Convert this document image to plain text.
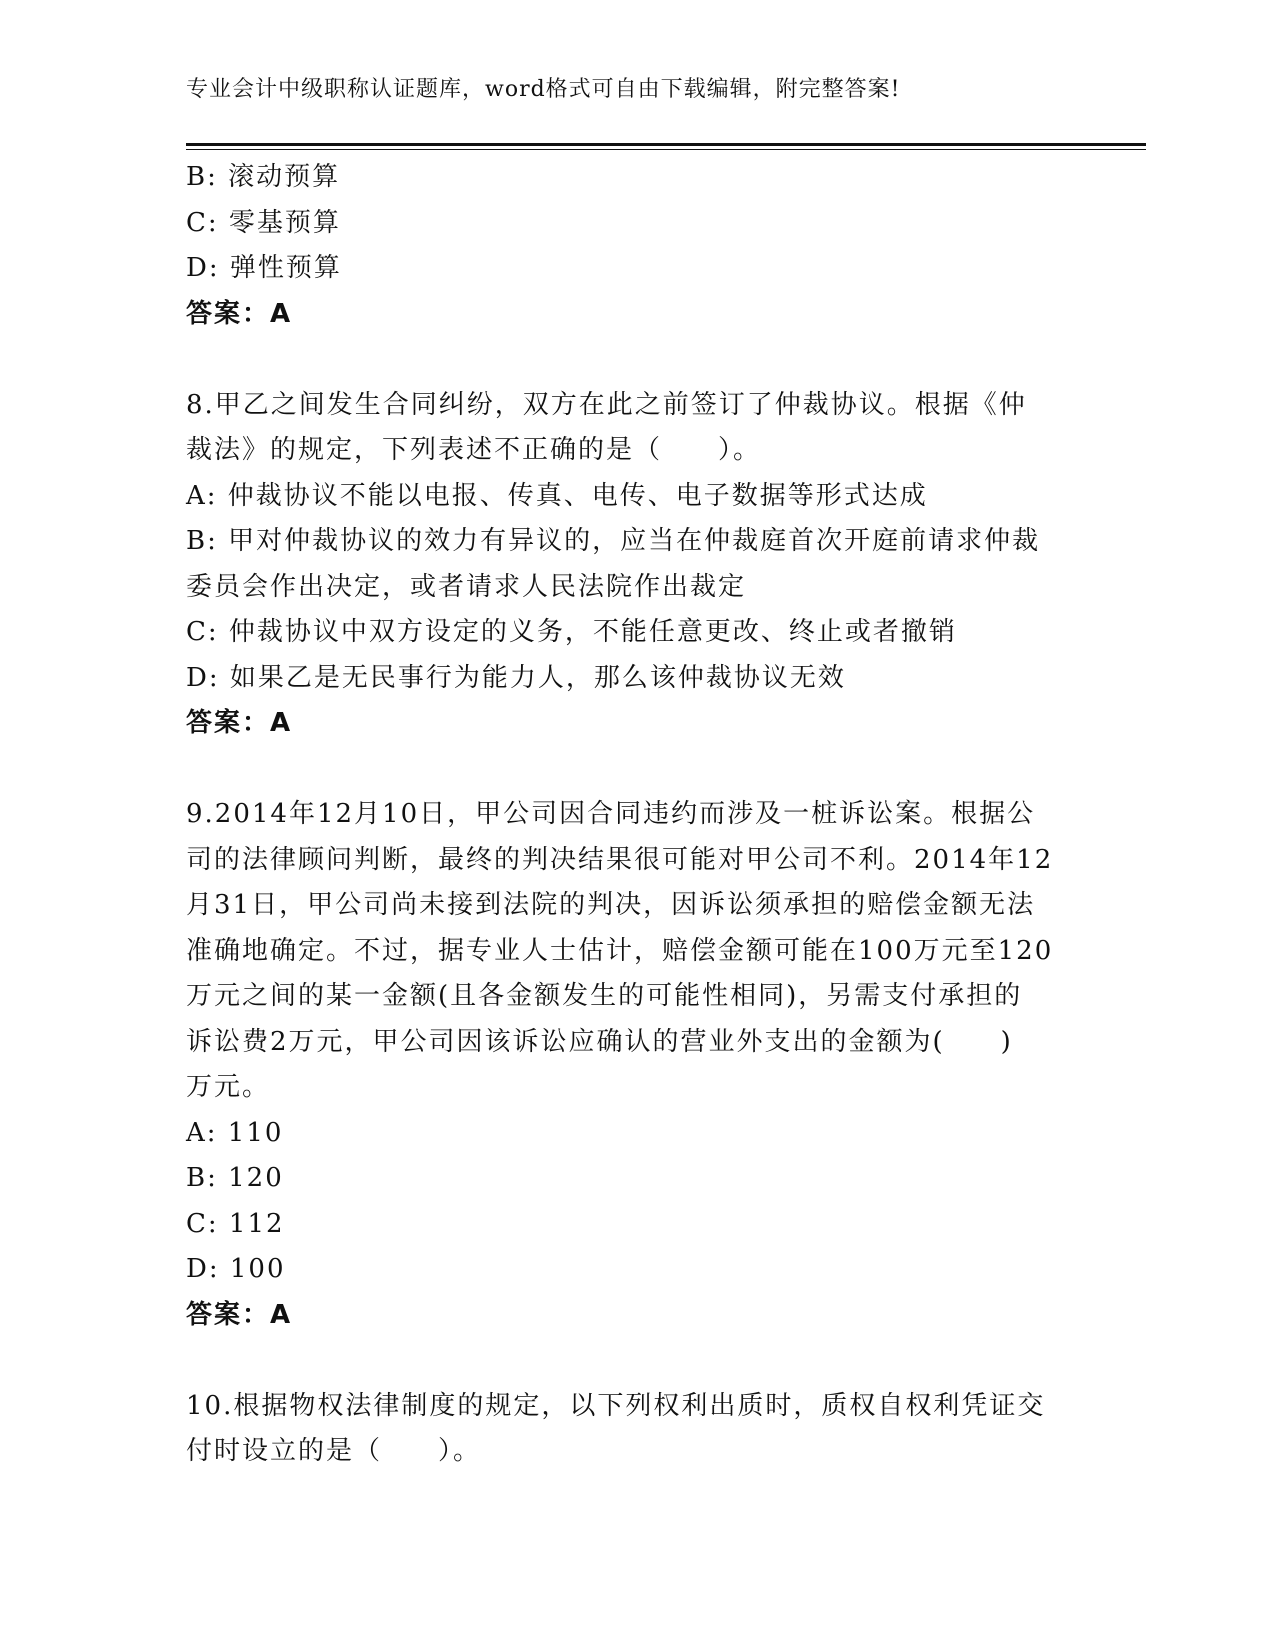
专业会计中级职称认证题库，word格式可自由下载编辑，附完整答案!
B: 滚动预算
C: 零基预算
D: 弹性预算
答案：A
8.甲乙之间发生合同纠纷，双方在此之前签订了仲裁协议。根据《仲
裁法》的规定，下列表述不正确的是（　　）。
A: 仲裁协议不能以电报、传真、电传、电子数据等形式达成
B: 甲对仲裁协议的效力有异议的，应当在仲裁庭首次开庭前请求仲裁
委员会作出决定，或者请求人民法院作出裁定
C: 仲裁协议中双方设定的义务，不能任意更改、终止或者撤销
D: 如果乙是无民事行为能力人，那么该仲裁协议无效
答案：A
9.2014年12月10日，甲公司因合同违约而涉及一桩诉讼案。根据公
司的法律顾问判断，最终的判决结果很可能对甲公司不利。2014年12
月31日，甲公司尚未接到法院的判决，因诉讼须承担的赔偿金额无法
准确地确定。不过，据专业人士估计，赔偿金额可能在100万元至120
万元之间的某一金额(且各金额发生的可能性相同)，另需支付承担的
诉讼费2万元，甲公司因该诉讼应确认的营业外支出的金额为(　　)
万元。
A: 110
B: 120
C: 112
D: 100
答案：A
10.根据物权法律制度的规定，以下列权利出质时，质权自权利凭证交
付时设立的是（　　）。
